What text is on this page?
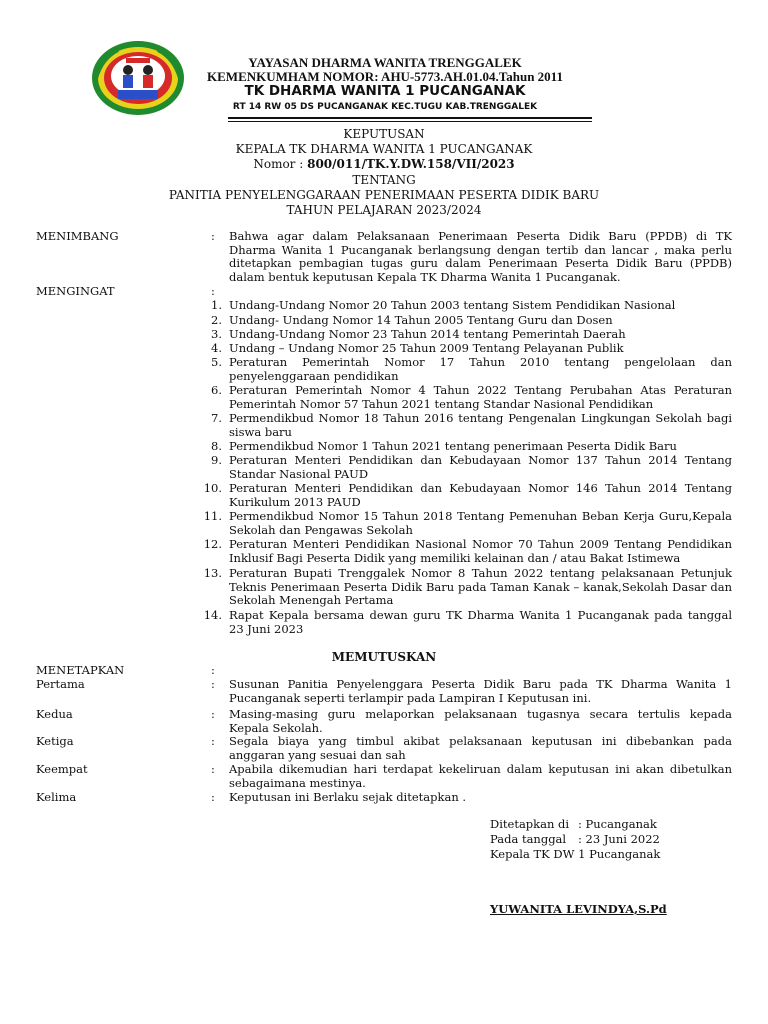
YAYASAN DHARMA WANITA TRENGGALEK
KEMENKUMHAM NOMOR: AHU-5773.AH.01.04.Tahun 2011
TK DHARMA WANITA 1 PUCANGANAK
RT 14 RW 05 DS PUCANGANAK KEC.TUGU KAB.TRENGGALEK
KEPUTUSAN
KEPALA TK DHARMA WANITA 1 PUCANGANAK
Nomor : 800/011/TK.Y.DW.158/VII/2023
TENTANG
PANITIA PENYELENGGARAAN PENERIMAAN PESERTA DIDIK BARU
TAHUN PELAJARAN 2023/2024
MENIMBANG	: Bahwa agar dalam Pelaksanaan Penerimaan Peserta Didik Baru (PPDB) di TK Dharma Wanita 1 Pucanganak berlangsung dengan tertib dan lancar , maka perlu ditetapkan pembagian tugas guru dalam Penerimaan Peserta Didik Baru (PPDB) dalam bentuk keputusan Kepala TK Dharma Wanita 1 Pucanganak.
MENGINGAT	:
1. Undang-Undang Nomor 20 Tahun 2003 tentang Sistem Pendidikan Nasional
2. Undang- Undang Nomor 14 Tahun 2005 Tentang Guru dan Dosen
3. Undang-Undang Nomor 23 Tahun 2014 tentang Pemerintah Daerah
4. Undang – Undang Nomor 25 Tahun 2009 Tentang Pelayanan Publik
5. Peraturan Pemerintah Nomor 17 Tahun 2010 tentang pengelolaan dan penyelenggaraan pendidikan
6. Peraturan Pemerintah Nomor 4 Tahun 2022 Tentang Perubahan Atas Peraturan Pemerintah Nomor 57 Tahun 2021 tentang Standar Nasional Pendidikan
7. Permendikbud Nomor 18 Tahun 2016 tentang Pengenalan Lingkungan Sekolah bagi siswa baru
8. Permendikbud Nomor 1 Tahun 2021 tentang penerimaan Peserta Didik Baru
9. Peraturan Menteri Pendidikan dan Kebudayaan Nomor 137 Tahun 2014 Tentang Standar Nasional PAUD
10. Peraturan Menteri Pendidikan dan Kebudayaan Nomor 146 Tahun 2014 Tentang Kurikulum 2013 PAUD
11. Permendikbud Nomor 15 Tahun 2018 Tentang Pemenuhan Beban Kerja Guru,Kepala Sekolah dan Pengawas Sekolah
12. Peraturan Menteri Pendidikan Nasional Nomor 70 Tahun 2009 Tentang Pendidikan Inklusif Bagi Peserta Didik yang memiliki kelainan dan / atau Bakat Istimewa
13. Peraturan Bupati Trenggalek Nomor 8 Tahun 2022 tentang pelaksanaan Petunjuk Teknis Penerimaan Peserta Didik Baru pada Taman Kanak – kanak,Sekolah Dasar dan Sekolah Menengah Pertama
14. Rapat Kepala bersama dewan guru TK Dharma Wanita 1 Pucanganak pada tanggal 23 Juni 2023
MEMUTUSKAN
MENETAPKAN	:
Pertama	: Susunan Panitia Penyelenggara Peserta Didik Baru pada TK Dharma Wanita 1 Pucanganak seperti terlampir pada Lampiran I Keputusan ini.
Kedua	: Masing-masing guru melaporkan pelaksanaan tugasnya secara tertulis kepada Kepala Sekolah.
Ketiga	: Segala biaya yang timbul akibat pelaksanaan keputusan ini dibebankan pada anggaran yang sesuai dan sah
Keempat	: Apabila dikemudian hari terdapat kekeliruan dalam keputusan ini akan dibetulkan sebagaimana mestinya.
Kelima	: Keputusan ini Berlaku sejak ditetapkan .
Ditetapkan di : Pucanganak
Pada tanggal : 23 Juni 2022
Kepala TK DW 1 Pucanganak
YUWANITA LEVINDYA,S.Pd
